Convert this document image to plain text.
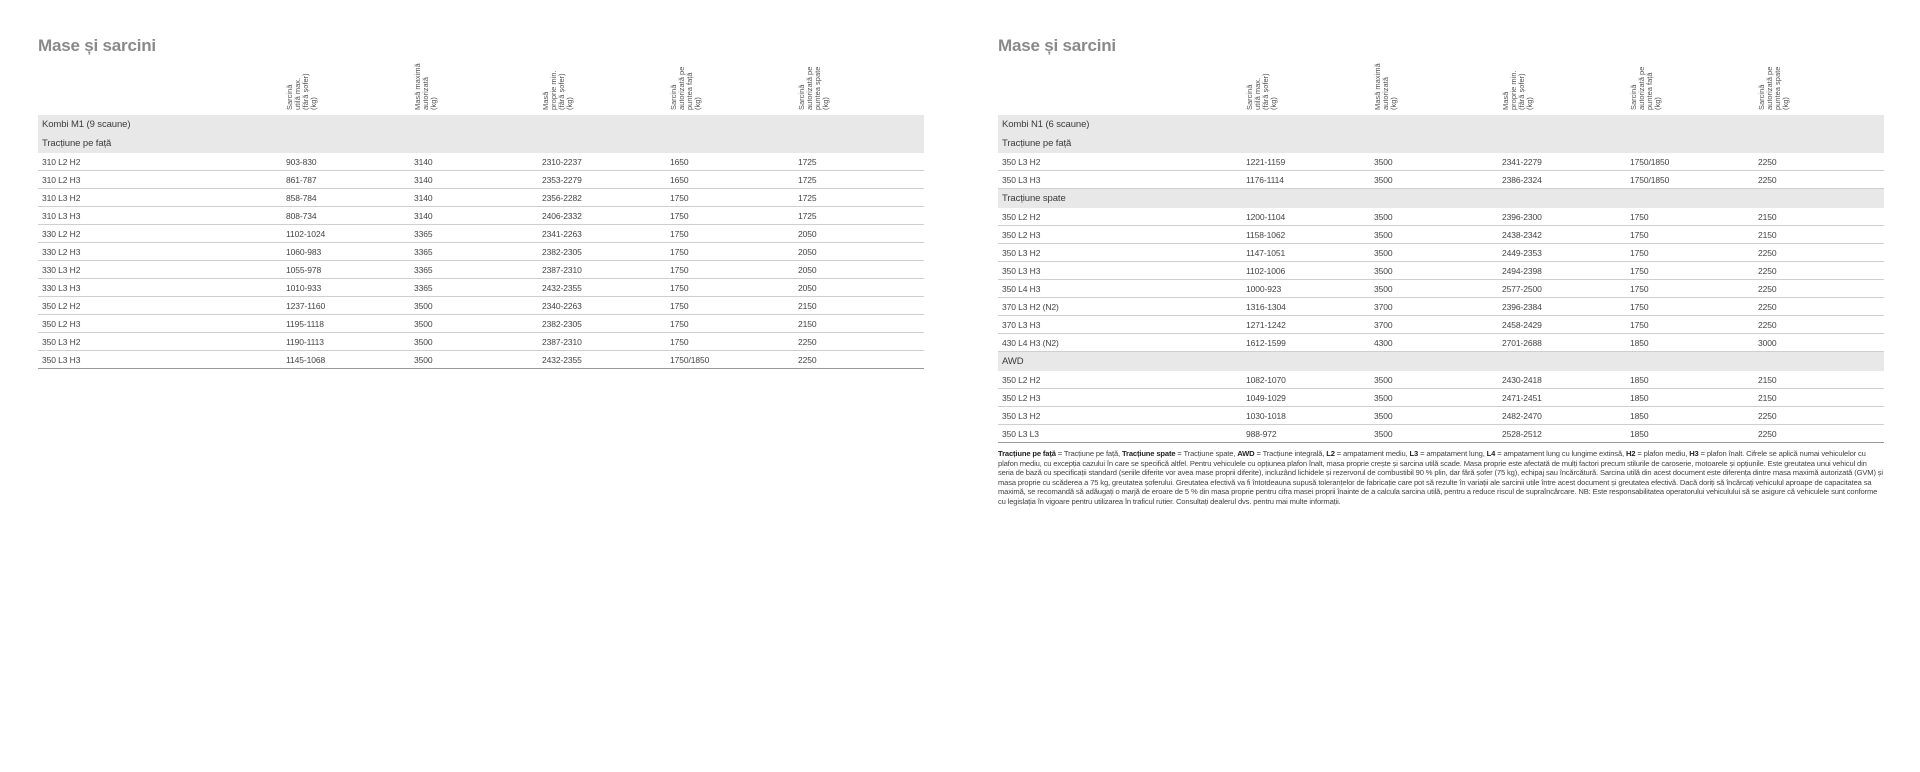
Mase și sarcini
Sarcină
utilă max.
(fără șofer)
(kg)	Masă maximă
autorizată
(kg)	Masă
proprie min.
(fără șofer)
(kg)	Sarcină
autorizată pe
puntea față
(kg)	Sarcină
autorizată pe
puntea spate
(kg)
Kombi M1 (9 scaune)
Tracțiune pe față
310 L2 H2	903-830	3140	2310-2237	1650	1725
310 L2 H3	861-787	3140	2353-2279	1650	1725
310 L3 H2	858-784	3140	2356-2282	1750	1725
310 L3 H3	808-734	3140	2406-2332	1750	1725
330 L2 H2	1102-1024	3365	2341-2263	1750	2050
330 L2 H3	1060-983	3365	2382-2305	1750	2050
330 L3 H2	1055-978	3365	2387-2310	1750	2050
330 L3 H3	1010-933	3365	2432-2355	1750	2050
350 L2 H2	1237-1160	3500	2340-2263	1750	2150
350 L2 H3	1195-1118	3500	2382-2305	1750	2150
350 L3 H2	1190-1113	3500	2387-2310	1750	2250
350 L3 H3	1145-1068	3500	2432-2355	1750/1850	2250
Mase și sarcini
Sarcină
utilă max.
(fără șofer)
(kg)	Masă maximă
autorizată
(kg)	Masă
proprie min.
(fără șofer)
(kg)	Sarcină
autorizată pe
puntea față
(kg)	Sarcină
autorizată pe
puntea spate
(kg)
Kombi N1 (6 scaune)
Tracțiune pe față
350 L3 H2	1221-1159	3500	2341-2279	1750/1850	2250
350 L3 H3	1176-1114	3500	2386-2324	1750/1850	2250
Tracțiune spate
350 L2 H2	1200-1104	3500	2396-2300	1750	2150
350 L2 H3	1158-1062	3500	2438-2342	1750	2150
350 L3 H2	1147-1051	3500	2449-2353	1750	2250
350 L3 H3	1102-1006	3500	2494-2398	1750	2250
350 L4 H3	1000-923	3500	2577-2500	1750	2250
370 L3 H2 (N2)	1316-1304	3700	2396-2384	1750	2250
370 L3 H3	1271-1242	3700	2458-2429	1750	2250
430 L4 H3 (N2)	1612-1599	4300	2701-2688	1850	3000
AWD
350 L2 H2	1082-1070	3500	2430-2418	1850	2150
350 L2 H3	1049-1029	3500	2471-2451	1850	2150
350 L3 H2	1030-1018	3500	2482-2470	1850	2250
350 L3 L3	988-972	3500	2528-2512	1850	2250
Tracțiune pe față = Tracțiune pe față, Tracțiune spate = Tracțiune spate, AWD = Tracțiune integrală, L2 = ampatament mediu, L3 = ampatament lung, L4 = ampatament lung cu lungime extinsă, H2 = plafon mediu, H3 = plafon înalt. Cifrele se aplică numai vehiculelor cu plafon mediu, cu excepția cazului în care se specifică altfel. Pentru vehiculele cu opțiunea plafon înalt, masa proprie crește și sarcina utilă scade. Masa proprie este afectată de mulți factori precum stilurile de caroserie, motoarele și opțiunile. Este greutatea unui vehicul din seria de bază cu specificații standard (seriile diferite vor avea mase proprii diferite), incluzând lichidele și rezervorul de combustibil 90 % plin, dar fără șofer (75 kg), echipaj sau încărcătură. Sarcina utilă din acest document este diferența dintre masa maximă autorizată (GVM) și masa proprie cu scăderea a 75 kg, greutatea șoferului. Greutatea efectivă va fi întotdeauna supusă toleranțelor de fabricație care pot să rezulte în variații ale sarcinii utile între acest document și greutatea efectivă. Dacă doriți să încărcați vehiculul aproape de capacitatea sa maximă, se recomandă să adăugați o marjă de eroare de 5 % din masa proprie pentru cifra masei proprii înainte de a calcula sarcina utilă, pentru a reduce riscul de supraîncărcare. NB: Este responsabilitatea operatorului vehiculului să se asigure că vehiculele sunt conforme cu legislația în vigoare pentru utilizarea în traficul rutier. Consultați dealerul dvs. pentru mai multe informații.
